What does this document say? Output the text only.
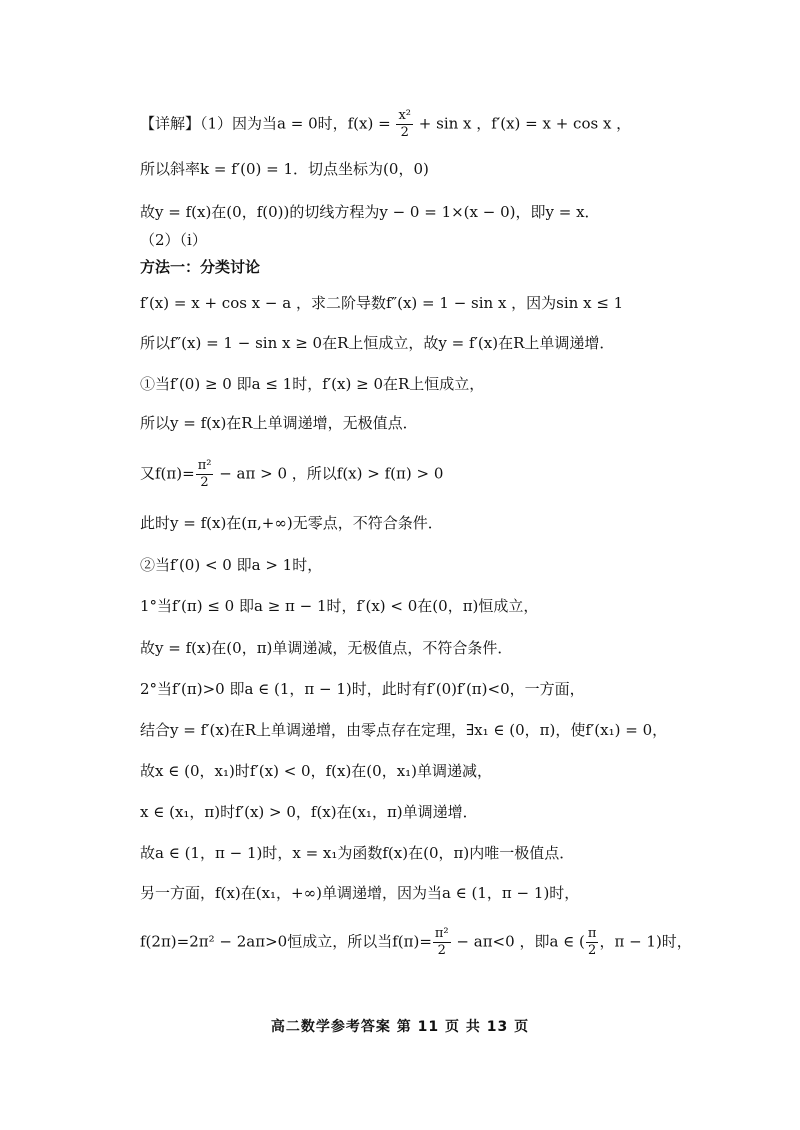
【详解】（1）因为当a = 0时，$f(x) = \frac{\text{x²}}{2} + \sin x$ ，f′(x) = x + cos x ，
所以斜率k = f′(0) = 1．切点坐标为(0，0)
故y = f(x)在(0，f(0))的切线方程为y − 0 = 1×(x − 0)，即y = x．
（2）（i）
方法一：分类讨论
f′(x) = x + cos x − a ，求二阶导数f″(x) = 1 − sin x ，因为sin x ≤ 1
所以f″(x) = 1 − sin x ≥ 0在R上恒成立，故y = f′(x)在R上单调递增．
①当f′(0) ≥ 0 即a ≤ 1时，f′(x) ≥ 0在R上恒成立，
所以y = f(x)在R上单调递增，无极值点．
又$f(\pi)= \frac{\text{π²}}{2} - a\pi > 0$ ，所以f(x) > f(π) > 0
此时y = f(x)在(π,+∞)无零点，不符合条件．
②当f′(0) < 0 即a > 1时，
1°当f′(π) ≤ 0 即a ≥ π − 1时，f′(x) < 0在(0，π)恒成立，
故y = f(x)在(0，π)单调递减，无极值点，不符合条件．
2°当f′(π)>0 即a ∈ (1，π − 1)时，此时有f′(0)f′(π)<0，一方面，
结合y = f′(x)在R上单调递增，由零点存在定理，∃x₁ ∈ (0，π)，使f′(x₁) = 0，
故x ∈ (0，x₁)时f′(x) < 0，f(x)在(0，x₁)单调递减，
x ∈ (x₁，π)时f′(x) > 0，f(x)在(x₁，π)单调递增．
故a ∈ (1，π − 1)时，x = x₁为函数f(x)在(0，π)内唯一极值点．
另一方面，f(x)在(x₁，+∞)单调递增，因为当a ∈ (1，π − 1)时，
f(2π)=2π² − 2aπ>0恒成立，所以当$f(\pi)= \frac{\text{π²}}{2} - a\pi<0$ ，即a ∈ ( $\frac{\pi}{2}$ ，π − 1)时，
高二数学参考答案 第 11 页 共 13 页
